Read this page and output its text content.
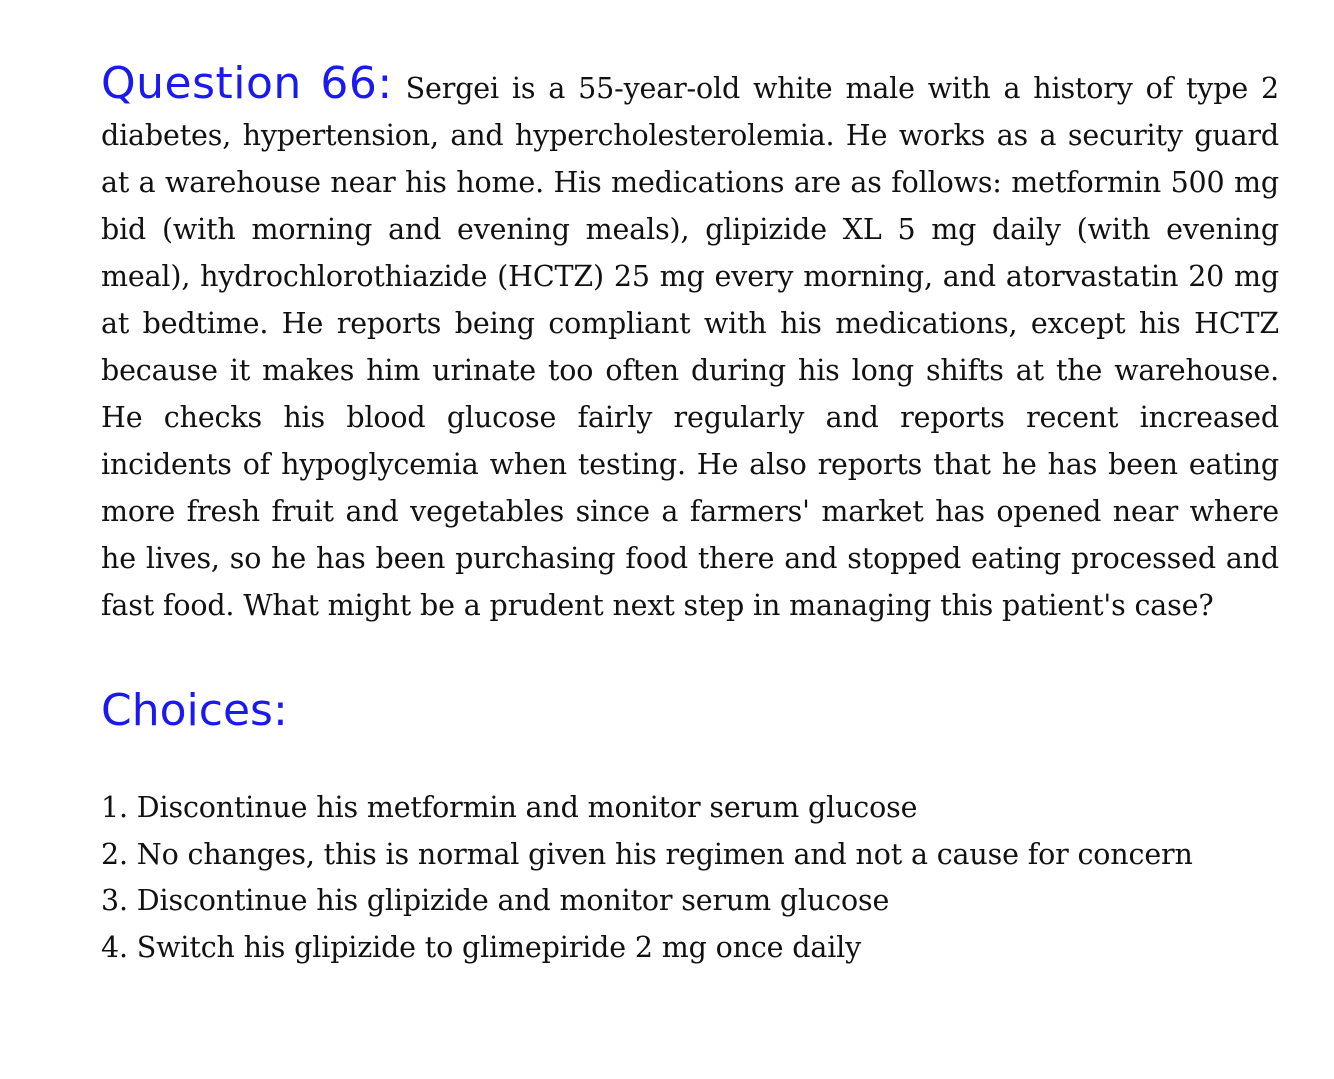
Question 66: Sergei is a 55-year-old white male with a history of type 2 diabetes, hypertension, and hypercholesterolemia. He works as a security guard at a warehouse near his home. His medications are as follows: metformin 500 mg bid (with morning and evening meals), glipizide XL 5 mg daily (with evening meal), hydrochlorothiazide (HCTZ) 25 mg every morning, and atorvastatin 20 mg at bedtime. He reports being compliant with his medications, except his HCTZ because it makes him urinate too often during his long shifts at the warehouse. He checks his blood glucose fairly regularly and reports recent increased incidents of hypoglycemia when testing. He also reports that he has been eating more fresh fruit and vegetables since a farmers' market has opened near where he lives, so he has been purchasing food there and stopped eating processed and fast food. What might be a prudent next step in managing this patient's case?

Choices:
1. Discontinue his metformin and monitor serum glucose
2. No changes, this is normal given his regimen and not a cause for concern
3. Discontinue his glipizide and monitor serum glucose
4. Switch his glipizide to glimepiride 2 mg once daily
